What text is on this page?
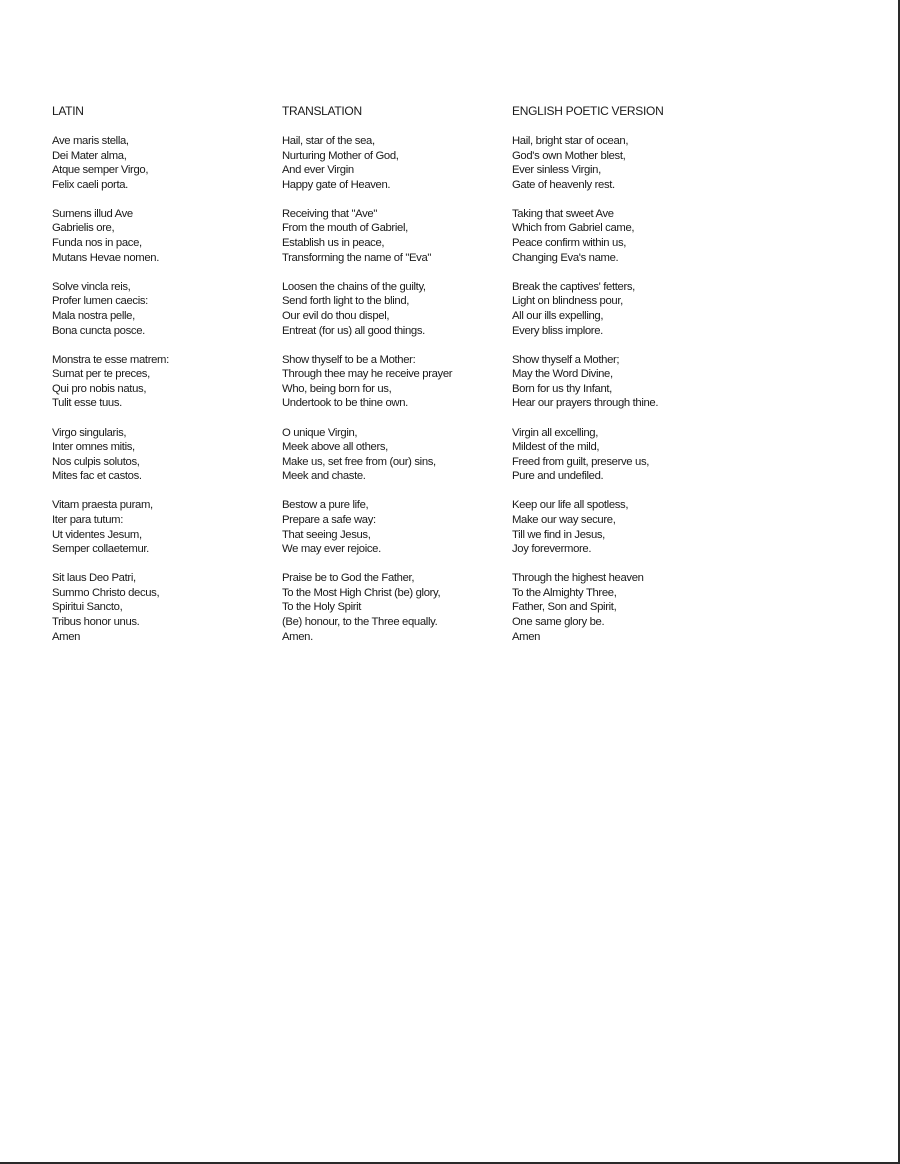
LATIN
Ave maris stella,
Dei Mater alma,
Atque semper Virgo,
Felix caeli porta.
Sumens illud Ave
Gabrielis ore,
Funda nos in pace,
Mutans Hevae nomen.
Solve vincla reis,
Profer lumen caecis:
Mala nostra pelle,
Bona cuncta posce.
Monstra te esse matrem:
Sumat per te preces,
Qui pro nobis natus,
Tulit esse tuus.
Virgo singularis,
Inter omnes mitis,
Nos culpis solutos,
Mites fac et castos.
Vitam praesta puram,
Iter para tutum:
Ut videntes Jesum,
Semper collaetemur.
Sit laus Deo Patri,
Summo Christo decus,
Spiritui Sancto,
Tribus honor unus.
Amen
TRANSLATION
Hail, star of the sea,
Nurturing Mother of God,
And ever Virgin
Happy gate of Heaven.
Receiving that "Ave"
From the mouth of Gabriel,
Establish us in peace,
Transforming the name of "Eva"
Loosen the chains of the guilty,
Send forth light to the blind,
Our evil do thou dispel,
Entreat (for us) all good things.
Show thyself to be a Mother:
Through thee may he receive prayer
Who, being born for us,
Undertook to be thine own.
O unique Virgin,
Meek above all others,
Make us, set free from (our) sins,
Meek and chaste.
Bestow a pure life,
Prepare a safe way:
That seeing Jesus,
We may ever rejoice.
Praise be to God the Father,
To the Most High Christ (be) glory,
To the Holy Spirit
(Be) honour, to the Three equally.
Amen.
ENGLISH POETIC VERSION
Hail, bright star of ocean,
God's own Mother blest,
Ever sinless Virgin,
Gate of heavenly rest.
Taking that sweet Ave
Which from Gabriel came,
Peace confirm within us,
Changing Eva's name.
Break the captives' fetters,
Light on blindness pour,
All our ills expelling,
Every bliss implore.
Show thyself a Mother;
May the Word Divine,
Born for us thy Infant,
Hear our prayers through thine.
Virgin all excelling,
Mildest of the mild,
Freed from guilt, preserve us,
Pure and undefiled.
Keep our life all spotless,
Make our way secure,
Till we find in Jesus,
Joy forevermore.
Through the highest heaven
To the Almighty Three,
Father, Son and Spirit,
One same glory be.
Amen
